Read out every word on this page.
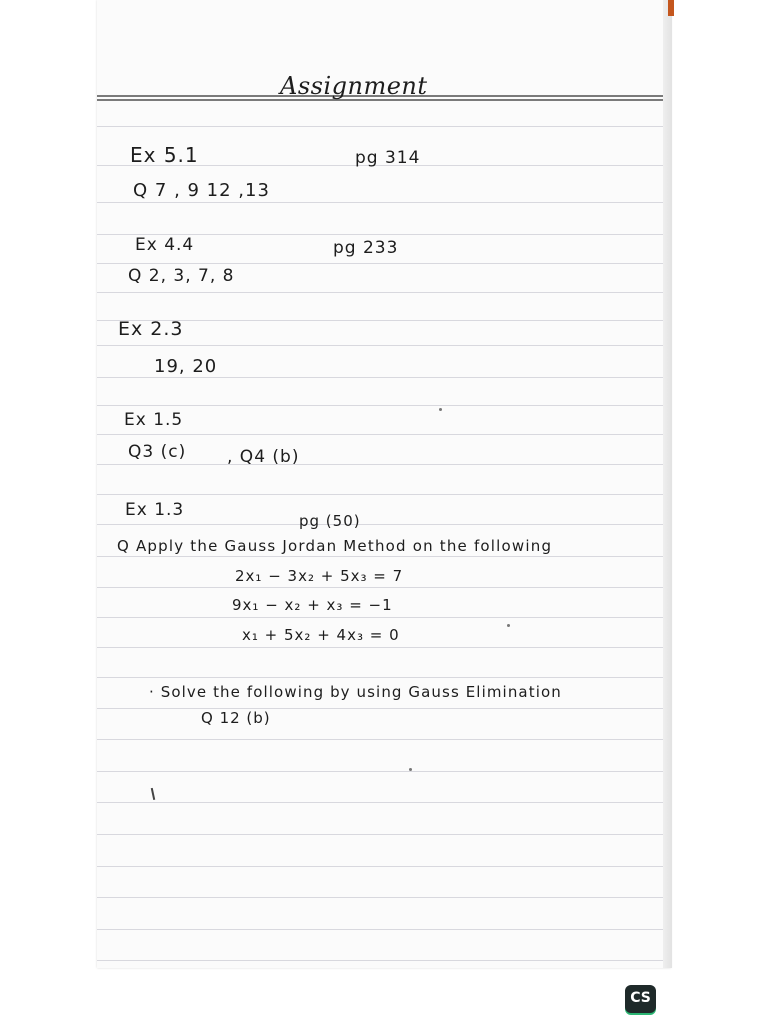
Assignment
Ex 5.1	pg 314
Q 7 , 9 12 ,13
Ex 4.4	pg 233
Q 2, 3, 7, 8
Ex 2.3
19, 20
Ex 1.5
Q3 (c) , Q4 (b)
Ex 1.3
pg (50)
Q Apply the Gauss Jordan Method on the following
2x₁ − 3x₂ + 5x₃ = 7
9x₁ − x₂ + x₃ = −1
x₁ + 5x₂ + 4x₃ = 0
· Solve the following by using Gauss Elimination
Q 12 (b)
CS
